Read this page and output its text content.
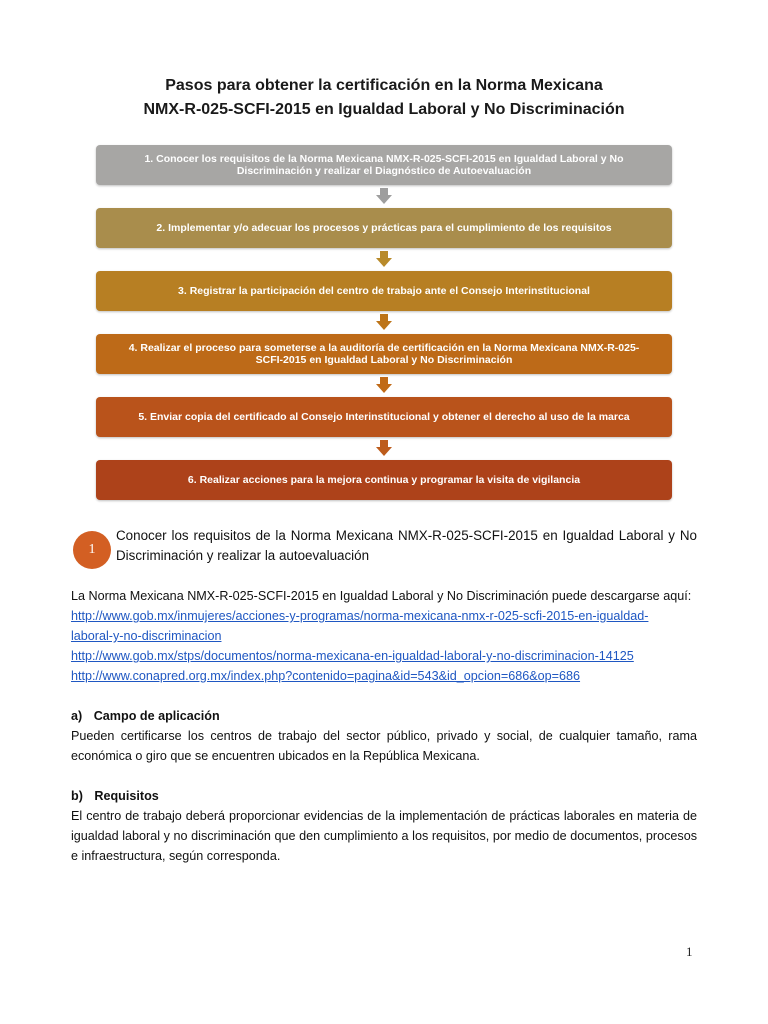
Pasos para obtener la certificación en la Norma Mexicana
NMX-R-025-SCFI-2015 en Igualdad Laboral y No Discriminación
1. Conocer los requisitos de la Norma Mexicana NMX-R-025-SCFI-2015 en Igualdad Laboral y No Discriminación y realizar el Diagnóstico de Autoevaluación
2. Implementar y/o adecuar los procesos y prácticas para el cumplimiento de los requisitos
3. Registrar la participación del centro de trabajo ante el Consejo Interinstitucional
4. Realizar el proceso para someterse a la auditoría de certificación en la Norma Mexicana NMX-R-025-SCFI-2015 en Igualdad Laboral y No Discriminación
5. Enviar copia del certificado al Consejo Interinstitucional y obtener el derecho al uso de la marca
6. Realizar acciones para la mejora continua y programar la visita de vigilancia
1
Conocer los requisitos de la Norma Mexicana NMX-R-025-SCFI-2015 en Igualdad Laboral y No Discriminación y realizar la autoevaluación
La Norma Mexicana NMX-R-025-SCFI-2015 en Igualdad Laboral y No Discriminación puede descargarse aquí:
http://www.gob.mx/inmujeres/acciones-y-programas/norma-mexicana-nmx-r-025-scfi-2015-en-igualdad-
laboral-y-no-discriminacion
http://www.gob.mx/stps/documentos/norma-mexicana-en-igualdad-laboral-y-no-discriminacion-14125
http://www.conapred.org.mx/index.php?contenido=pagina&id=543&id_opcion=686&op=686
a) Campo de aplicación
Pueden certificarse los centros de trabajo del sector público, privado y social, de cualquier tamaño, rama económica o giro que se encuentren ubicados en la República Mexicana.
b) Requisitos
El centro de trabajo deberá proporcionar evidencias de la implementación de prácticas laborales en materia de igualdad laboral y no discriminación que den cumplimiento a los requisitos, por medio de documentos, procesos e infraestructura, según corresponda.
1
